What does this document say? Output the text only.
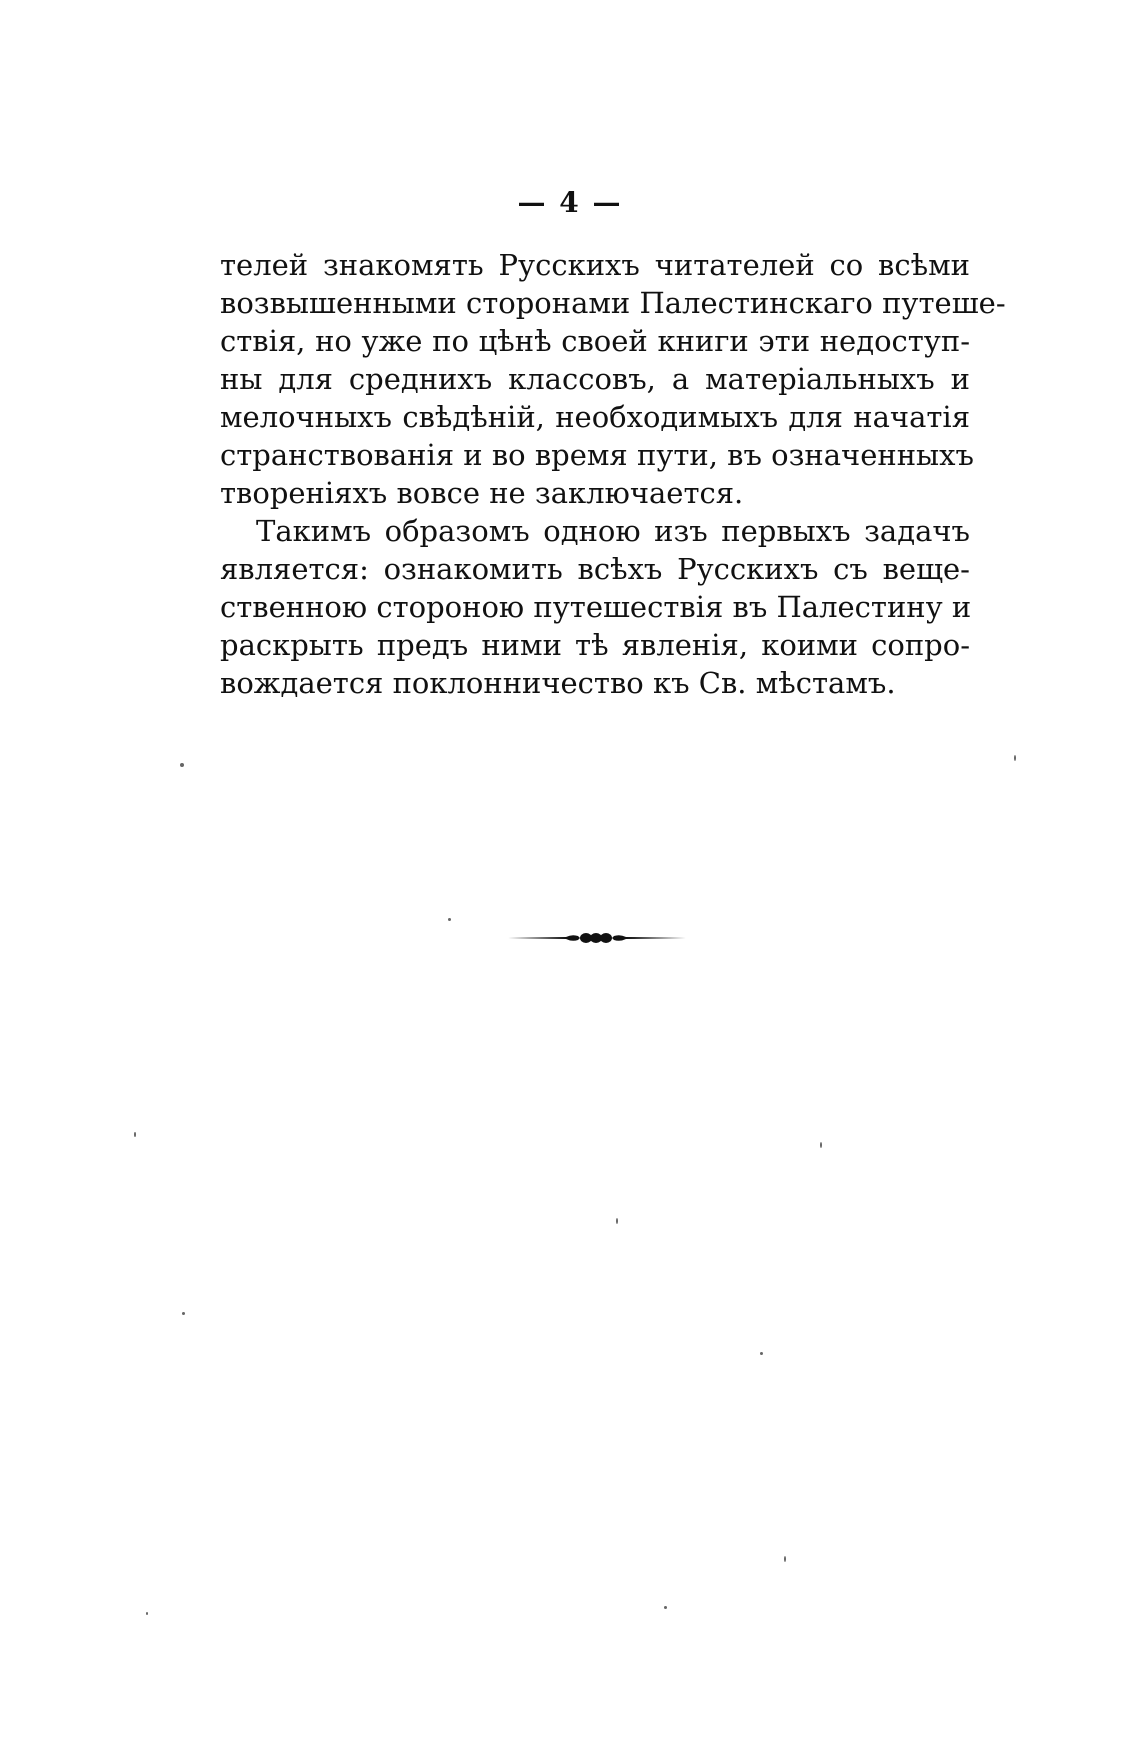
— 4 —
телей знакомять Русскихъ читателей со всѣми
возвышенными сторонами Палестинскаго путеше-
ствія, но уже по цѣнѣ своей книги эти недоступ-
ны для среднихъ классовъ, а матеріальныхъ и
мелочныхъ свѣдѣній, необходимыхъ для начатія
странствованія и во время пути, въ означенныхъ
твореніяхъ вовсе не заключается.
Такимъ образомъ одною изъ первыхъ задачъ
является: ознакомить всѣхъ Русскихъ съ веще-
ственною стороною путешествія въ Палестину и
раскрыть предъ ними тѣ явленія, коими сопро-
вождается поклонничество къ Св. мѣстамъ.
